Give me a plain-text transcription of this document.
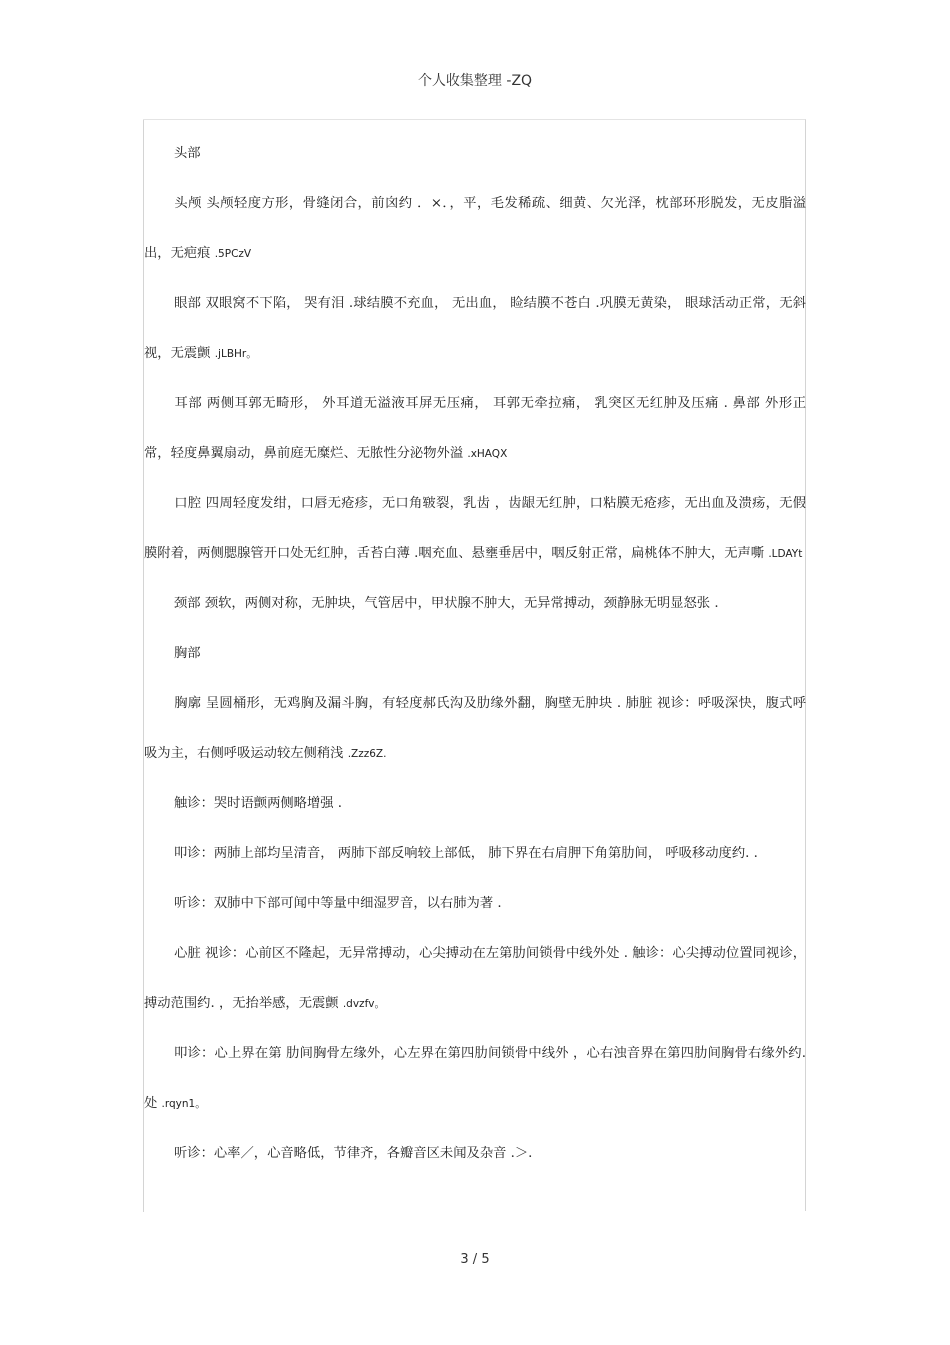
个人收集整理 -ZQ

头部

头颅 头颅轻度方形，骨缝闭合，前囟约 ．×．，平，毛发稀疏、细黄、欠光泽，枕部环形脱发，无皮脂溢出，无疤痕 .5PCzV

眼部 双眼窝不下陷， 哭有泪 .球结膜不充血， 无出血， 睑结膜不苍白 .巩膜无黄染， 眼球活动正常，无斜视，无震颤 .jLBHr。

耳部 两侧耳郭无畸形， 外耳道无溢液耳屏无压痛， 耳郭无牵拉痛， 乳突区无红肿及压痛 . 鼻部 外形正常，轻度鼻翼扇动，鼻前庭无糜烂、无脓性分泌物外溢 .xHAQX

口腔 四周轻度发绀，口唇无疮疹，无口角皲裂，乳齿 ，齿龈无红肿，口粘膜无疮疹，无出血及溃疡，无假膜附着，两侧腮腺管开口处无红肿，舌苔白薄 .咽充血、悬壅垂居中，咽反射正常，扁桃体不肿大，无声嘶 .LDAYt

颈部 颈软，两侧对称，无肿块，气管居中，甲状腺不肿大，无异常搏动，颈静脉无明显怒张 .

胸部

胸廓 呈圆桶形，无鸡胸及漏斗胸，有轻度郝氏沟及肋缘外翻，胸壁无肿块 . 肺脏 视诊：呼吸深快，腹式呼吸为主，右侧呼吸运动较左侧稍浅 .Zzz6Z.

触诊：哭时语颤两侧略增强 .

叩诊：两肺上部均呈清音， 两肺下部反响较上部低， 肺下界在右肩胛下角第肋间， 呼吸移动度约. .

听诊：双肺中下部可闻中等量中细湿罗音，以右肺为著 .

心脏 视诊：心前区不隆起，无异常搏动，心尖搏动在左第肋间锁骨中线外处 . 触诊：心尖搏动位置同视诊，搏动范围约. ，无抬举感，无震颤 .dvzfv。

叩诊：心上界在第 肋间胸骨左缘外，心左界在第四肋间锁骨中线外 ，心右浊音界在第四肋间胸骨右缘外约. 处 .rqyn1。

听诊：心率／，心音略低，节律齐，各瓣音区未闻及杂音 .＞.

3 / 5
